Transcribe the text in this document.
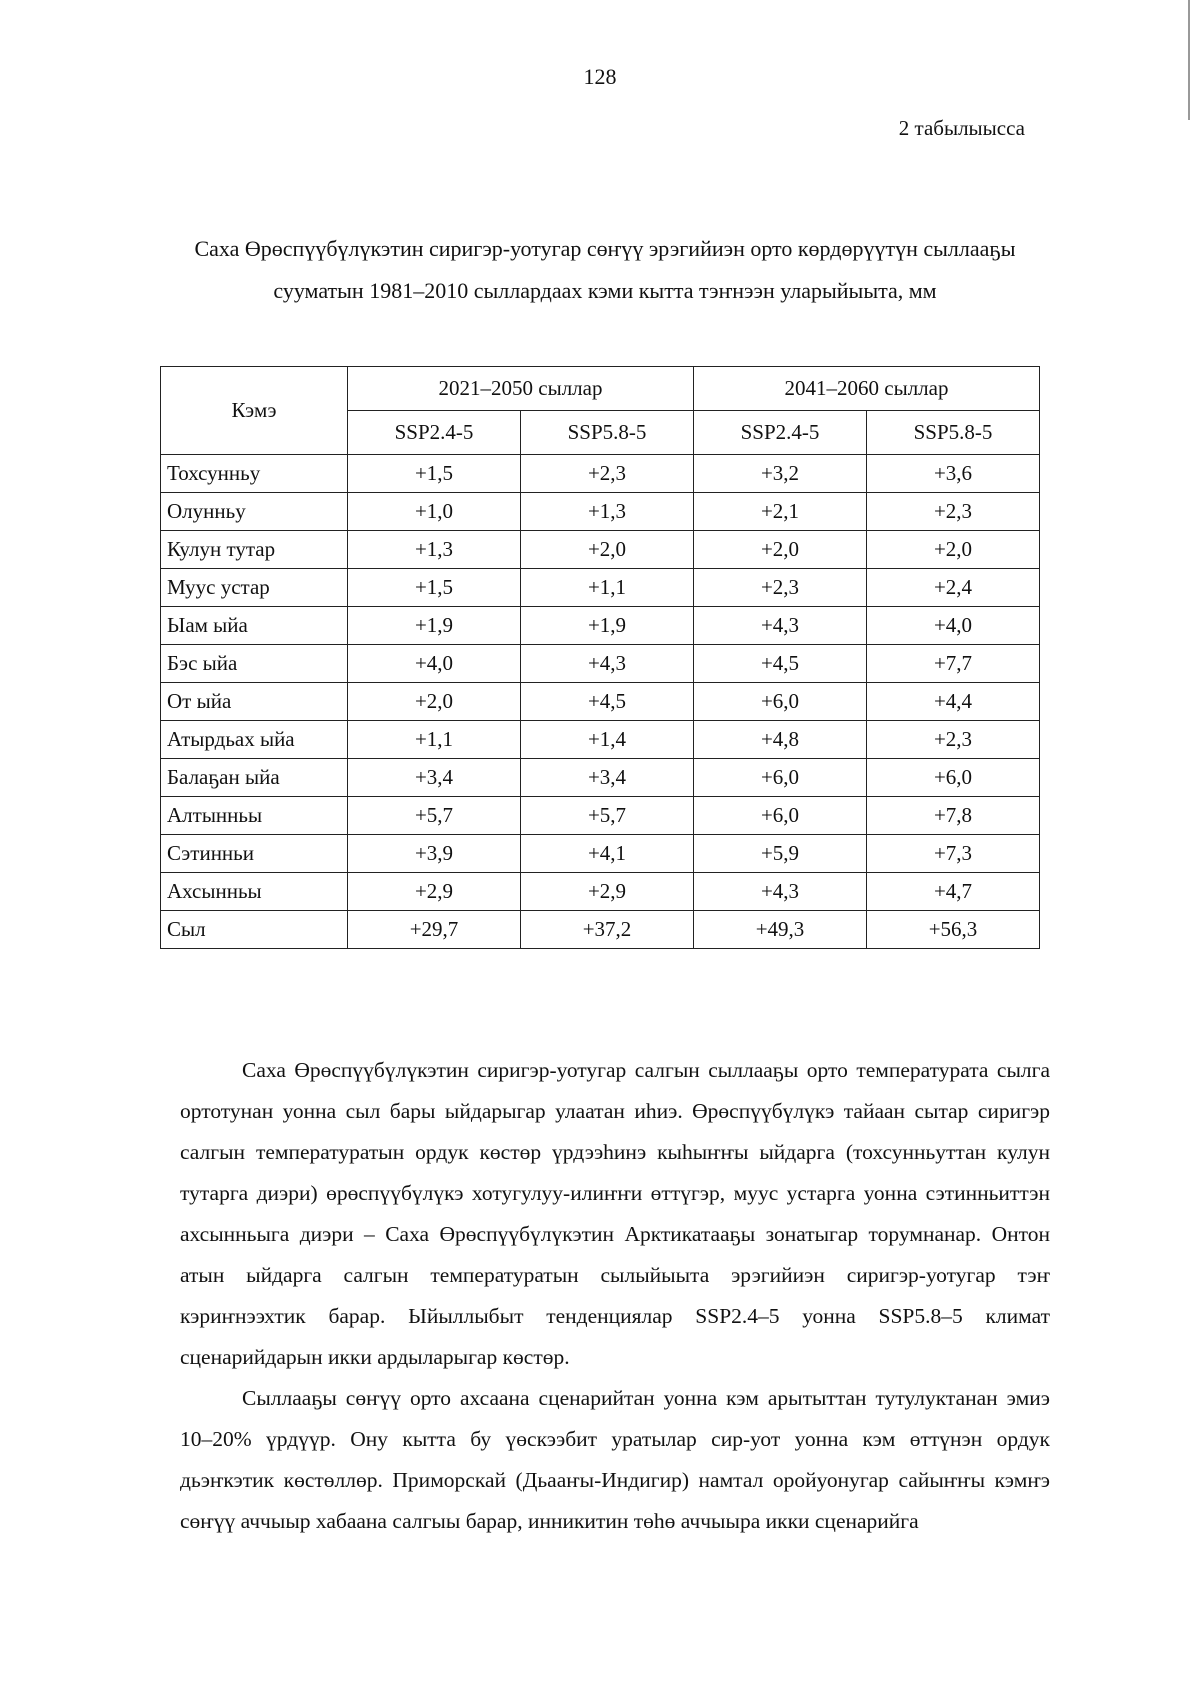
128
2 табылыысса
Саха Өрөспүүбүлүкэтин сиригэр-уотугар сөҥүү эрэгийиэн орто көрдөрүүтүн сыллааҕы сууматын 1981–2010 сыллардаах кэми кытта тэҥнээн уларыйыыта, мм
Кэмэ	2021–2050 сыллар		2041–2060 сыллар	
	SSP2.4-5	SSP5.8-5	SSP2.4-5	SSP5.8-5
Тохсунньу	+1,5	+2,3	+3,2	+3,6
Олунньу	+1,0	+1,3	+2,1	+2,3
Кулун тутар	+1,3	+2,0	+2,0	+2,0
Муус устар	+1,5	+1,1	+2,3	+2,4
Ыам ыйа	+1,9	+1,9	+4,3	+4,0
Бэс ыйа	+4,0	+4,3	+4,5	+7,7
От ыйа	+2,0	+4,5	+6,0	+4,4
Атырдьах ыйа	+1,1	+1,4	+4,8	+2,3
Балаҕан ыйа	+3,4	+3,4	+6,0	+6,0
Алтынньы	+5,7	+5,7	+6,0	+7,8
Сэтинньи	+3,9	+4,1	+5,9	+7,3
Ахсынньы	+2,9	+2,9	+4,3	+4,7
Сыл	+29,7	+37,2	+49,3	+56,3

Саха Өрөспүүбүлүкэтин сиригэр-уотугар салгын сыллааҕы орто температурата сылга ортотунан уонна сыл бары ыйдарыгар улаатан иһиэ. Өрөспүүбүлүкэ тайаан сытар сиригэр салгын температуратын ордук көстөр үрдээһинэ кыһыҥҥы ыйдарга (тохсунньуттан кулун тутарга диэри) өрөспүүбүлүкэ хотугулуу-илиҥҥи өттүгэр, муус устарга уонна сэтинньиттэн ахсынньыга диэри – Саха Өрөспүүбүлүкэтин Арктикатааҕы зонатыгар торумнанар. Онтон атын ыйдарга салгын температуратын сылыйыыта эрэгийиэн сиригэр-уотугар тэҥ кэриҥнээхтик барар. Ыйыллыбыт тенденциялар SSP2.4–5 уонна SSP5.8–5 климат сценарийдарын икки ардыларыгар көстөр.

Сыллааҕы сөҥүү орто ахсаана сценарийтан уонна кэм арытыттан тутулуктанан эмиэ 10–20% үрдүүр. Ону кытта бу үөскээбит уратылар сир-уот уонна кэм өттүнэн ордук дьэҥкэтик көстөллөр. Приморскай (Дьааҥы-Индигир) намтал оройуонугар сайыҥҥы кэмҥэ сөҥүү аччыыр хабаана салгыы барар, инникитин төһө аччыыра икки сценарийга
